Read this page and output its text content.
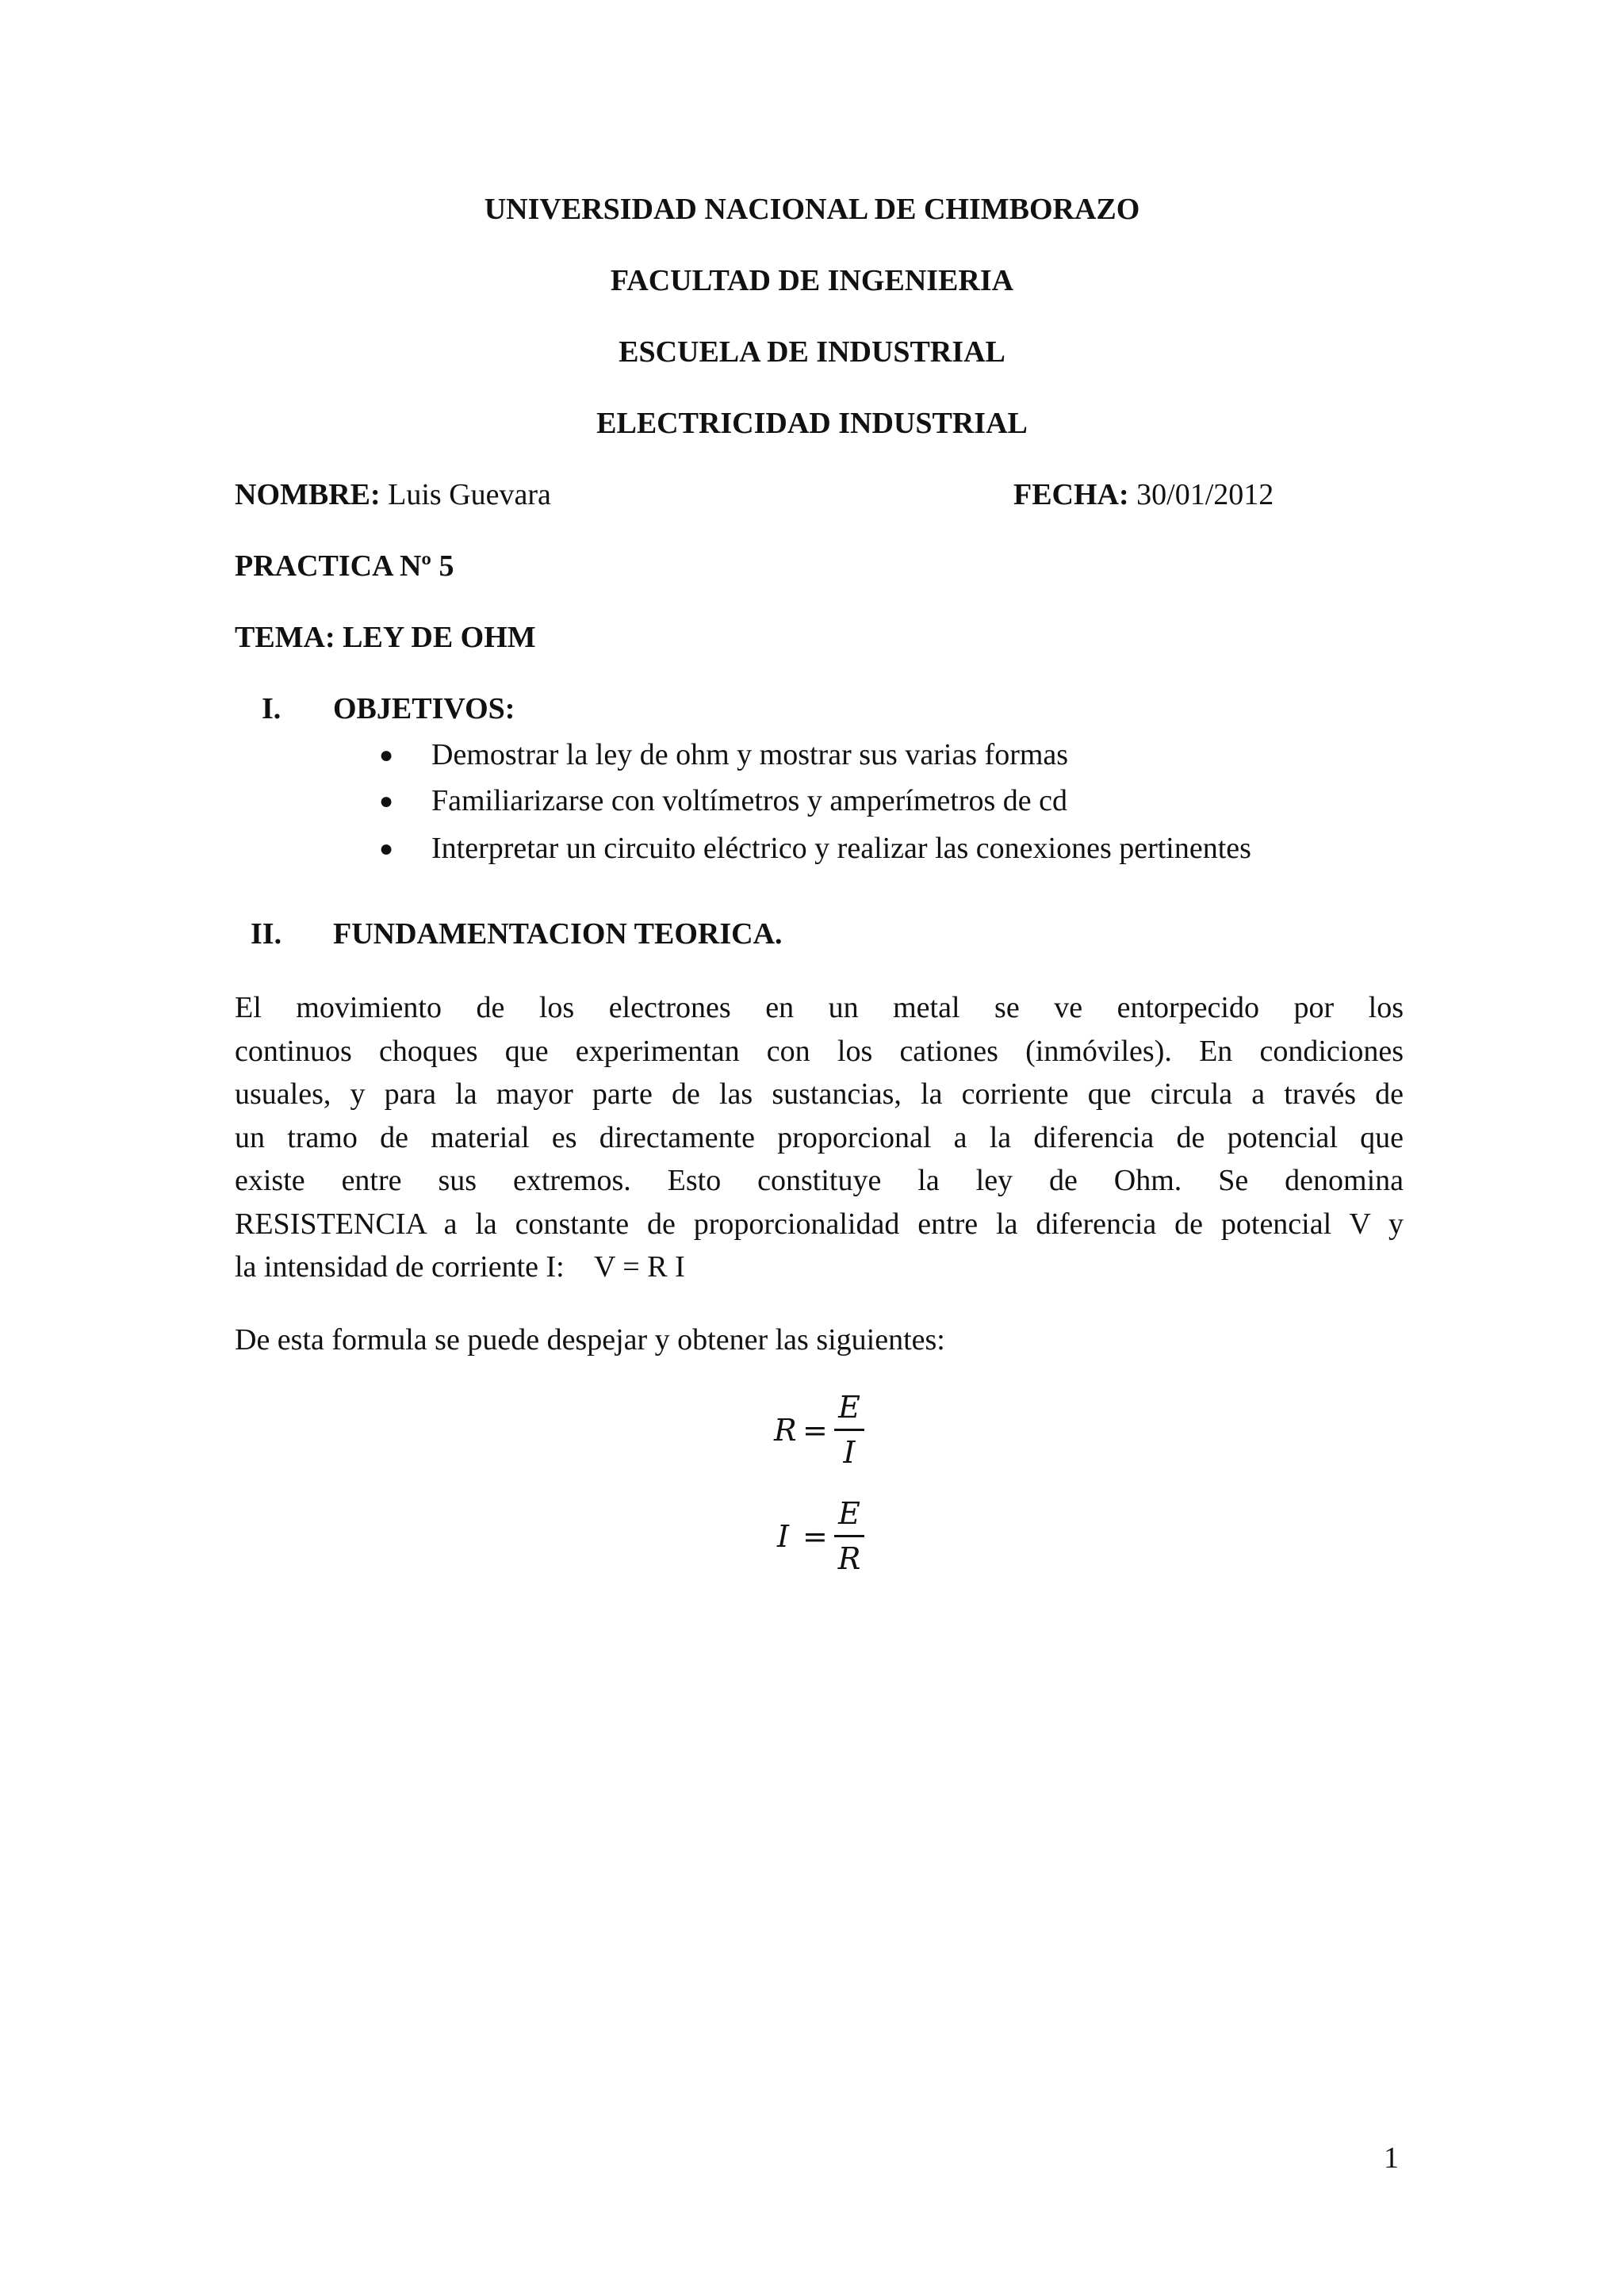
UNIVERSIDAD NACIONAL DE CHIMBORAZO
FACULTAD DE INGENIERIA
ESCUELA DE INDUSTRIAL
ELECTRICIDAD INDUSTRIAL
NOMBRE: Luis Guevara	FECHA: 30/01/2012
PRACTICA Nº 5
TEMA: LEY DE OHM
I. OBJETIVOS:
● Demostrar la ley de ohm y mostrar sus varias formas
● Familiarizarse con voltímetros y amperímetros de cd
● Interpretar un circuito eléctrico y realizar las conexiones pertinentes
II. FUNDAMENTACION TEORICA.
El movimiento de los electrones en un metal se ve entorpecido por los
continuos choques que experimentan con los cationes (inmóviles). En condiciones
usuales, y para la mayor parte de las sustancias, la corriente que circula a través de
un tramo de material es directamente proporcional a la diferencia de potencial que
existe entre sus extremos. Esto constituye la ley de Ohm. Se denomina
RESISTENCIA a la constante de proporcionalidad entre la diferencia de potencial V y
la intensidad de corriente I:    V = R I
De esta formula se puede despejar y obtener las siguientes:
R =
E
I
I =
E
R
1
